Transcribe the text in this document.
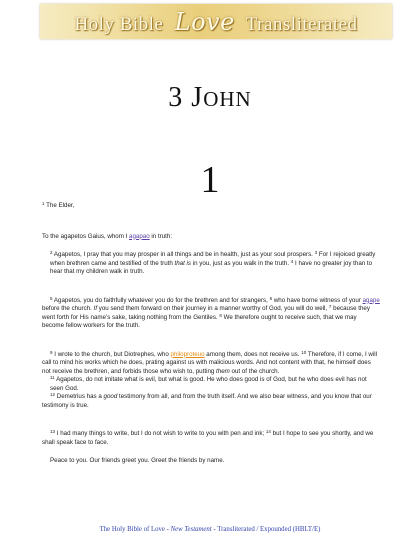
Holy Bible Love Transliterated
3 JOHN
1

$^1$ The Elder,

To the agapetos Gaius, whom I agapao in truth:

$^2$ Agapetos, I pray that you may prosper in all things and be in health, just as your soul prospers. $^3$ For I rejoiced greatly when brethren came and testified of the truth that is in you, just as you walk in the truth. $^4$ I have no greater joy than to hear that my children walk in truth.

$^5$ Agapetos, you do faithfully whatever you do for the brethren and for strangers, $^6$ who have borne witness of your agape before the church. If you send them forward on their journey in a manner worthy of God, you will do well, $^7$ because they went forth for His name’s sake, taking nothing from the Gentiles. $^8$ We therefore ought to receive such, that we may become fellow workers for the truth.

$^9$ I wrote to the church, but Diotrephes, who philoproteuo among them, does not receive us. $^{10}$ Therefore, if I come, I will call to mind his works which he does, prating against us with malicious words. And not content with that, he himself does not receive the brethren, and forbids those who wish to, putting them out of the church.

$^{11}$ Agapetos, do not imitate what is evil, but what is good. He who does good is of God, but he who does evil has not seen God.

$^{12}$ Demetrius has a good testimony from all, and from the truth itself. And we also bear witness, and you know that our testimony is true.

$^{13}$ I had many things to write, but I do not wish to write to you with pen and ink; $^{14}$ but I hope to see you shortly, and we shall speak face to face.

Peace to you. Our friends greet you. Greet the friends by name.

The Holy Bible of Love - New Testament - Transliterated / Expounded (HBLT/E)
